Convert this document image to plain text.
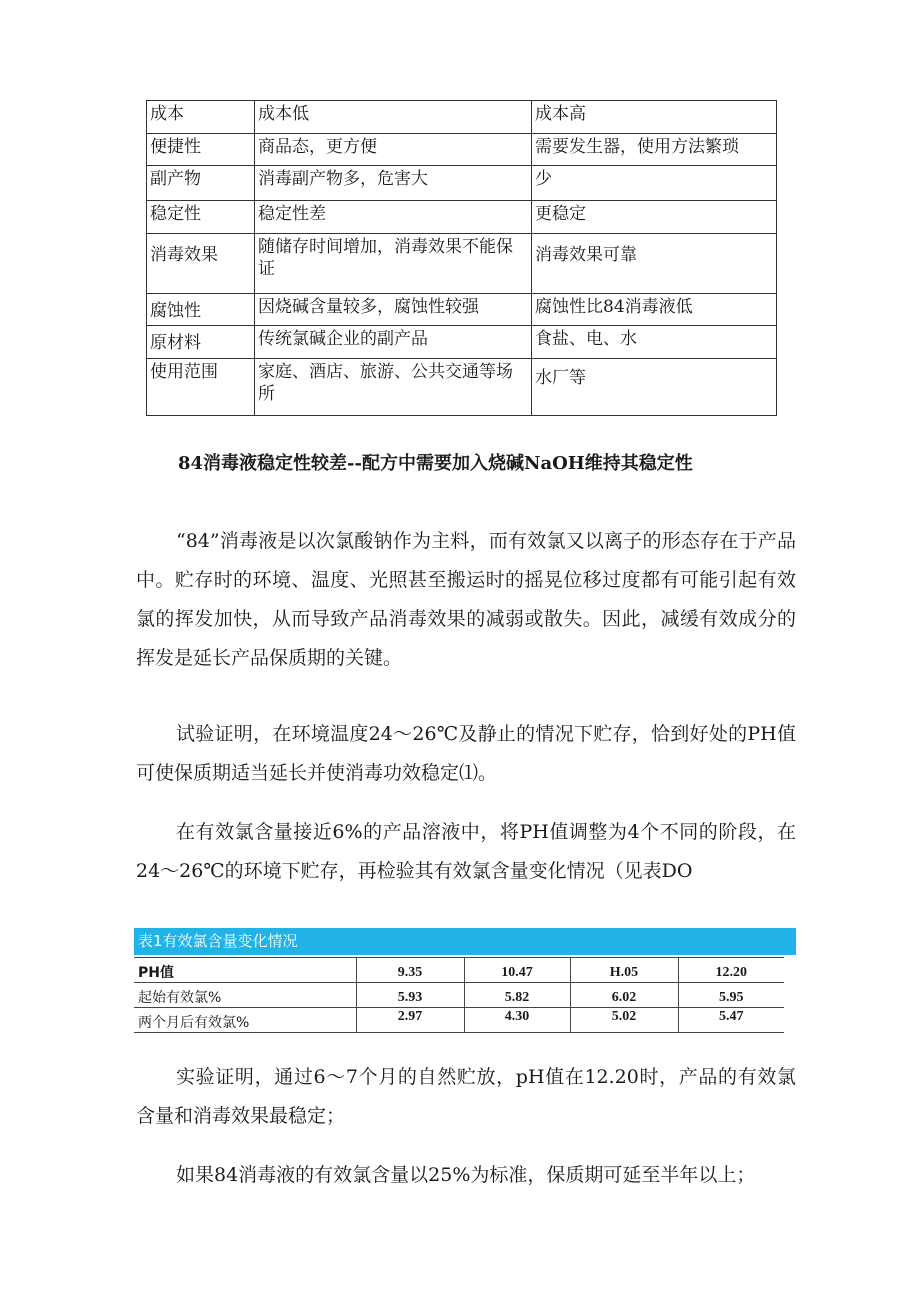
成本	成本低	成本高
便捷性	商品态，更方便	需要发生器，使用方法繁琐
副产物	消毒副产物多，危害大	少
稳定性	稳定性差	更稳定
消毒效果	随储存时间增加，消毒效果不能保证	消毒效果可靠
腐蚀性	因烧碱含量较多，腐蚀性较强	腐蚀性比84消毒液低
原材料	传统氯碱企业的副产品	食盐、电、水
使用范围	家庭、酒店、旅游、公共交通等场所	水厂等
84消毒液稳定性较差--配方中需要加入烧碱NaOH维持其稳定性

“84”消毒液是以次氯酸钠作为主料，而有效氯又以离子的形态存在于产品中。贮存时的环境、温度、光照甚至搬运时的摇晃位移过度都有可能引起有效氯的挥发加快，从而导致产品消毒效果的减弱或散失。因此，减缓有效成分的挥发是延长产品保质期的关键。

试验证明，在环境温度24〜26℃及静止的情况下贮存，恰到好处的PH值可使保质期适当延长并使消毒功效稳定⑴。

在有效氯含量接近6%的产品溶液中，将PH值调整为4个不同的阶段，在24〜26℃的环境下贮存，再检验其有效氯含量变化情况（见表DO

表1有效氯含量变化情况
PH值	9.35	10.47	H.05	12.20
起始有效氯%	5.93	5.82	6.02	5.95
两个月后有效氯%	2.97	4.30	5.02	5.47

实验证明，通过6〜7个月的自然贮放，pH值在12.20时，产品的有效氯含量和消毒效果最稳定；

如果84消毒液的有效氯含量以25%为标准，保质期可延至半年以上；
